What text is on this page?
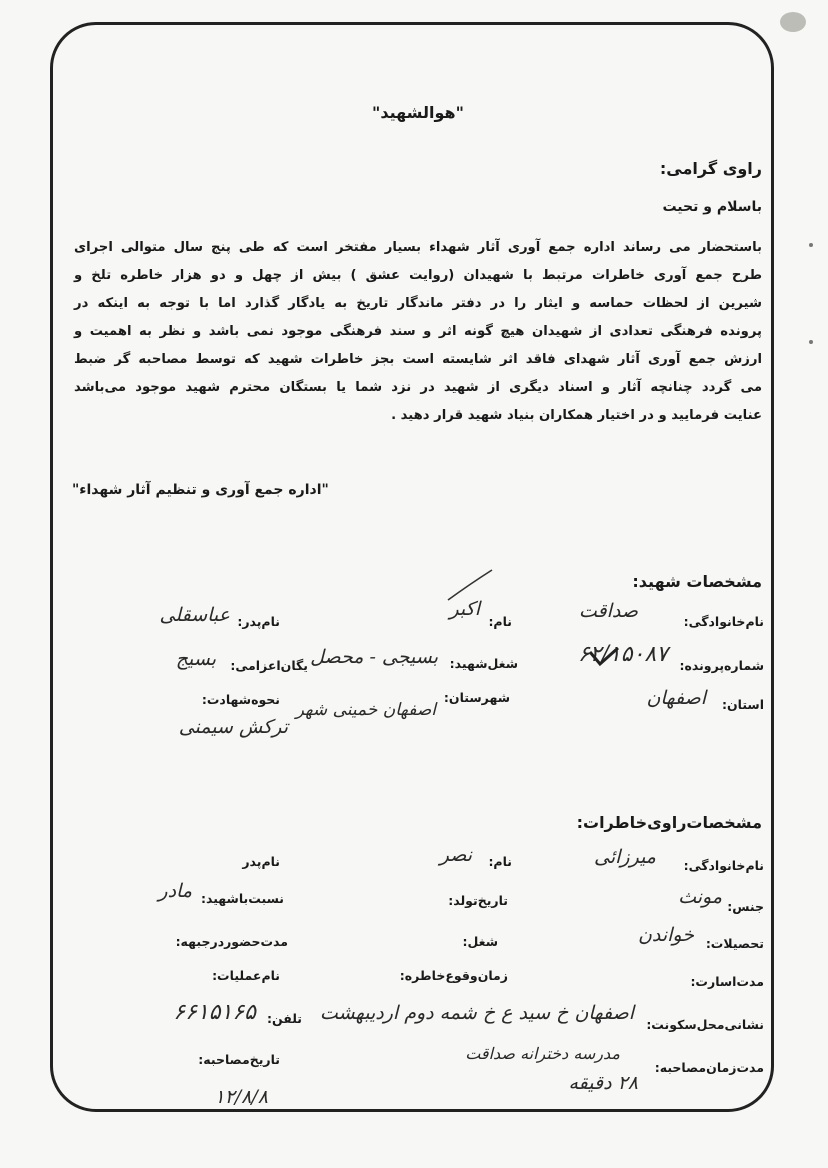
"هوالشهید"
راوی گرامی:
باسلام و تحیت
باستحضار می رساند اداره جمع آوری آثار شهداء بسیار مفتخر است که طی پنج سال متوالی اجرای
طرح جمع آوری خاطرات مرتبط با شهیدان (روایت عشق ) بیش از چهل و دو هزار خاطره تلخ و
شیرین از لحظات حماسه و ایثار را در دفتر ماندگار تاریخ به یادگار گذارد اما با توجه به اینکه در
پرونده فرهنگی تعدادی از شهیدان هیچ گونه اثر و سند فرهنگی موجود نمی باشد و نظر به اهمیت و
ارزش جمع آوری آثار شهدای فاقد اثر شایسته است بجز خاطرات شهید که توسط مصاحبه گر ضبط
می گردد چنانچه آثار و اسناد دیگری از شهید در نزد شما یا بستگان محترم شهید موجود می‌باشد
عنایت فرمایید و در اختیار همکاران بنیاد شهید قرار دهید .
"اداره جمع آوری و تنظیم آثار شهداء"
مشخصات شهید:
نام‌خانوادگی:
صداقت
نام:
اکبر
نام‌پدر:
عباسقلی
شماره‌پرونده:
۶۲/۱۵۰۸۷
شغل‌شهید:
بسیجی - محصل
یگان‌اعزامی:
بسیج
استان:
اصفهان
شهرستان:
اصفهان خمینی شهر
نحوه‌شهادت:
ترکش سیمنی
مشخصات‌راوی‌خاطرات:
نام‌خانوادگی:
میرزائی
نام:
نصر
نام‌پدر
جنس:
مونث
تاریخ‌تولد:
نسبت‌باشهید:
مادر
تحصیلات:
خواندن
شغل:
مدت‌حضوردرجبهه:
مدت‌اسارت:
زمان‌وقوع‌خاطره:
نام‌عملیات:
نشانی‌محل‌سکونت:
اصفهان خ سید ع خ شمه دوم اردیبهشت
تلفن:
۶۶۱۵۱۶۵
مدت‌زمان‌مصاحبه:
۲۸ دقیقه
مدرسه دخترانه صداقت
تاریخ‌مصاحبه:
۱۲/۸/۸
